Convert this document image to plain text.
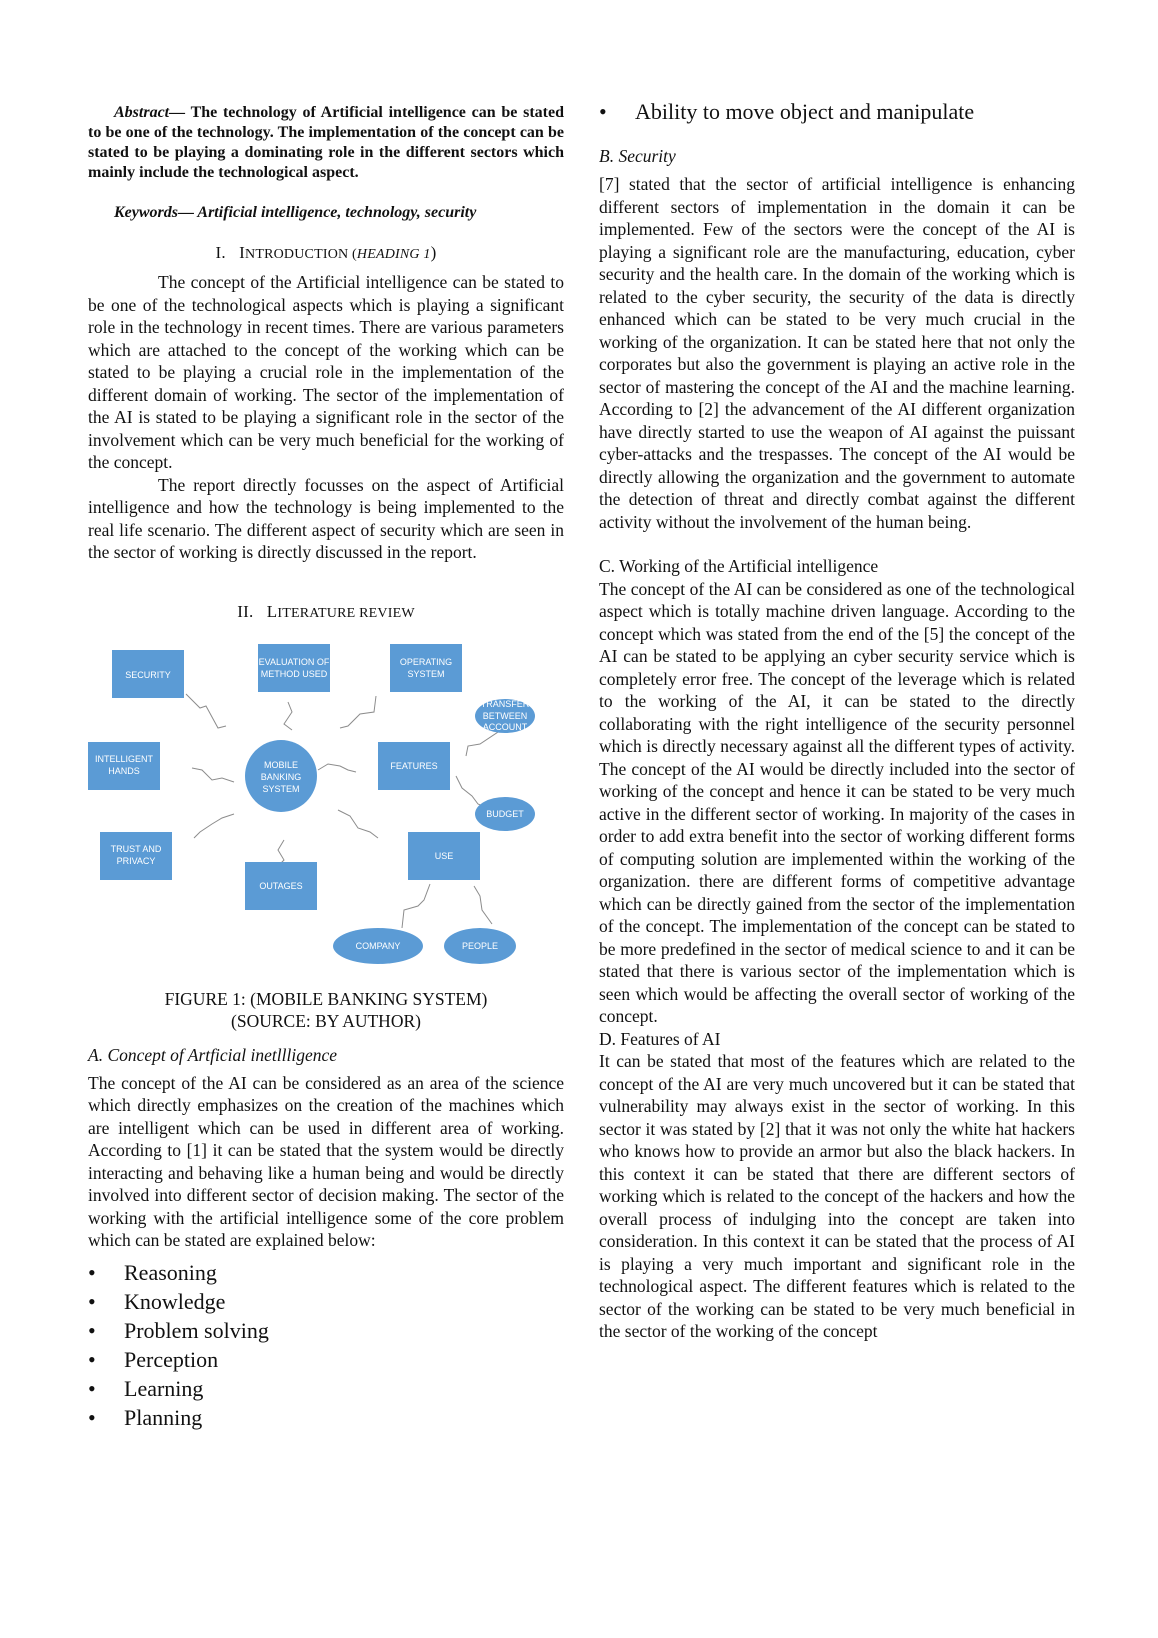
Abstract— The technology of Artificial intelligence can be stated to be one of the technology. The implementation of the concept can be stated to be playing a dominating role in the different sectors which mainly include the technological aspect.

Keywords— Artificial intelligence, technology, security

I. INTRODUCTION (HEADING 1)

The concept of the Artificial intelligence can be stated to be one of the technological aspects which is playing a significant role in the technology in recent times. There are various parameters which are attached to the concept of the working which can be stated to be playing a crucial role in the implementation of the different domain of working. The sector of the implementation of the AI is stated to be playing a significant role in the sector of the involvement which can be very much beneficial for the working of the concept.

The report directly focusses on the aspect of Artificial intelligence and how the technology is being implemented to the real life scenario. The different aspect of security which are seen in the sector of working is directly discussed in the report.

II. LITERATURE REVIEW

SECURITY
EVALUATION OF
METHOD USED
OPERATING
SYSTEM
TRANSFER
BETWEEN
ACCOUNT
INTELLIGENT
HANDS
MOBILE
BANKING
SYSTEM
FEATURES
BUDGET
TRUST AND
PRIVACY	USE
OUTAGES
COMPANY	PEOPLE

FIGURE 1: (MOBILE BANKING SYSTEM)

(SOURCE: BY AUTHOR)

A. Concept of Artficial inetllligence

The concept of the AI can be considered as an area of the science which directly emphasizes on the creation of the machines which are intelligent which can be used in different area of working. According to [1] it can be stated that the system would be directly interacting and behaving like a human being and would be directly involved into different sector of decision making. The sector of the working with the artificial intelligence some of the core problem which can be stated are explained below:

• Reasoning
• Knowledge
• Problem solving
• Perception
• Learning
• Planning
• Ability to move object and manipulate

B. Security

[7] stated that the sector of artificial intelligence is enhancing different sectors of implementation in the domain it can be implemented. Few of the sectors were the concept of the AI is playing a significant role are the manufacturing, education, cyber security and the health care. In the domain of the working which is related to the cyber security, the security of the data is directly enhanced which can be stated to be very much crucial in the working of the organization. It can be stated here that not only the corporates but also the government is playing an active role in the sector of mastering the concept of the AI and the machine learning. According to [2] the advancement of the AI different organization have directly started to use the weapon of AI against the puissant cyber-attacks and the trespasses. The concept of the AI would be directly allowing the organization and the government to automate the detection of threat and directly combat against the different activity without the involvement of the human being.

C. Working of the Artificial intelligence

The concept of the AI can be considered as one of the technological aspect which is totally machine driven language. According to the concept which was stated from the end of the [5] the concept of the AI can be stated to be applying an cyber security service which is completely error free. The concept of the leverage which is related to the working of the AI, it can be stated to the directly collaborating with the right intelligence of the security personnel which is directly necessary against all the different types of activity. The concept of the AI would be directly included into the sector of working of the concept and hence it can be stated to be very much active in the different sector of working. In majority of the cases in order to add extra benefit into the sector of working different forms of computing solution are implemented within the working of the organization. there are different forms of competitive advantage which can be directly gained from the sector of the implementation of the concept. The implementation of the concept can be stated to be more predefined in the sector of medical science to and it can be stated that there is various sector of the implementation which is seen which would be affecting the overall sector of working of the concept.

D. Features of AI

It can be stated that most of the features which are related to the concept of the AI are very much uncovered but it can be stated that vulnerability may always exist in the sector of working. In this sector it was stated by [2] that it was not only the white hat hackers who knows how to provide an armor but also the black hackers. In this context it can be stated that there are different sectors of working which is related to the concept of the hackers and how the overall process of indulging into the concept are taken into consideration. In this context it can be stated that the process of AI is playing a very much important and significant role in the technological aspect. The different features which is related to the sector of the working can be stated to be very much beneficial in the sector of the working of the concept
